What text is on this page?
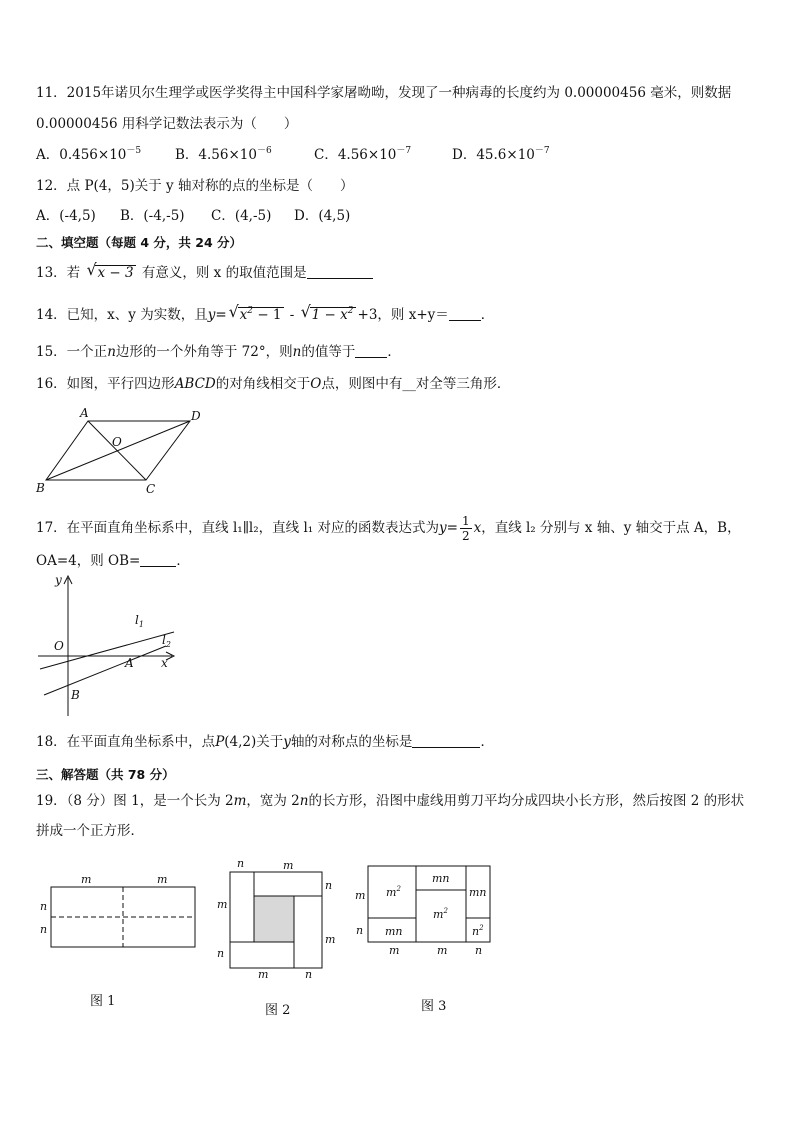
11．2015年诺贝尔生理学或医学奖得主中国科学家屠呦呦，发现了一种病毒的长度约为 0.00000456 毫米，则数据
0.00000456 用科学记数法表示为（　　）
A．$0.456\times 10^{-5}$	B．$4.56\times 10^{-6}$	C．$4.56\times 10^{-7}$	D．$45.6\times 10^{-7}$
12．点 P(4，5)关于 y 轴对称的点的坐标是（　　）
A．(-4,5) B．(-4,-5) C．(4,-5) D．(4,5)
二、填空题（每题 4 分，共 24 分）
13．若 √ x − 3 有意义，则 x 的取值范围是
14．已知，x、y 为实数，且y= √ $x^2 - 1$ - √ $1 - x^2 +3$，则 x+y＝ ．
15．一个正n边形的一个外角等于 72°，则n的值等于 ．
16．如图，平行四边形ABCD的对角线相交于O点，则图中有__对全等三角形．
A	D
O
B	C
17．在平面直角坐标系中，直线 l₁∥l₂，直线 l₁ 对应的函数表达式为$y= \frac{1}{2}$ x，直线 l₂ 分别与 x 轴、y 轴交于点 A，B，
OA=4，则 OB=	．
y
O
x
A
B
$l_1$
$l_2$
18．在平面直角坐标系中，点P(4,2)关于y轴的对称点的坐标是	．
三、解答题（共 78 分）
19．（8 分）图 1，是一个长为 2m，宽为 2n的长方形，沿图中虚线用剪刀平均分成四块小长方形，然后按图 2 的形状
拼成一个正方形．
m	m
n
n
图 1
n	m
n
m
m
n
m	n
图 2
$m^2$
mn
mn
$m^2$
mn	$n^2$
m
n
m	m	n
图 3
